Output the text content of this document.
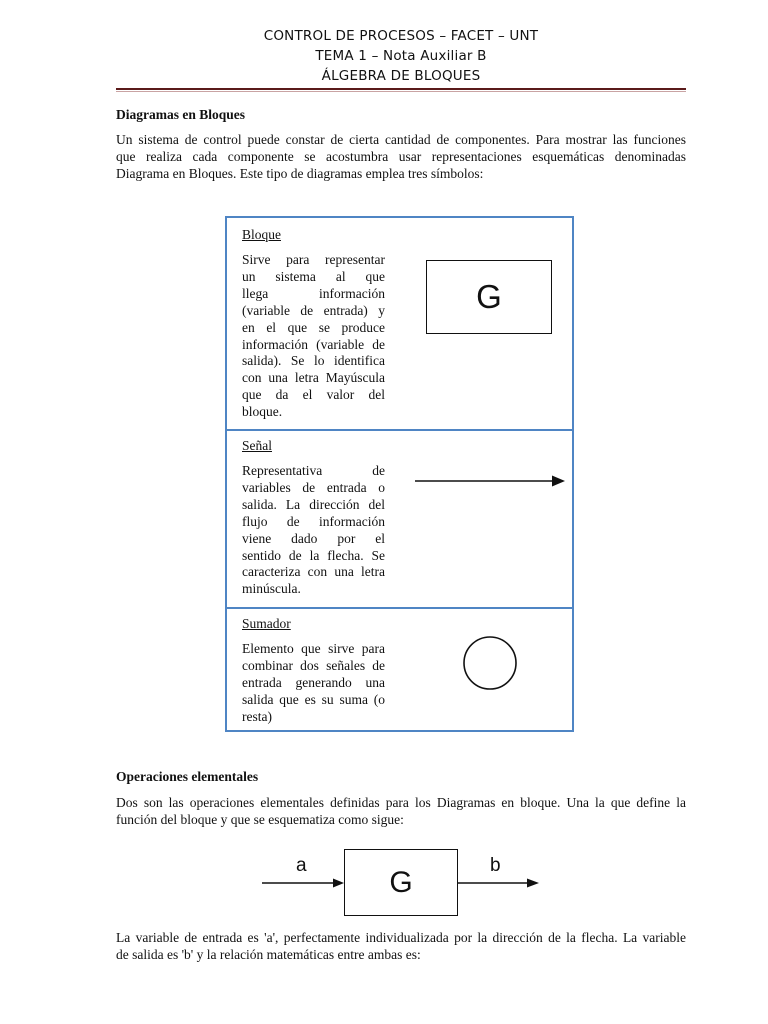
CONTROL DE PROCESOS – FACET – UNT
TEMA 1 – Nota Auxiliar B
ÁLGEBRA DE BLOQUES
Diagramas en Bloques
Un sistema de control puede constar de cierta cantidad de componentes. Para mostrar las funciones
que realiza cada componente se acostumbra usar representaciones esquemáticas denominadas
Diagrama en Bloques. Este tipo de diagramas emplea tres símbolos:
Bloque
Sirve para representar
un sistema al que
llega información
(variable de entrada) y
en el que se produce
información (variable de
salida). Se lo identifica
con una letra Mayúscula
que da el valor del
bloque.
G
Señal
Representativa de
variables de entrada o
salida. La dirección del
flujo de información
viene dado por el
sentido de la flecha. Se
caracteriza con una letra
minúscula.
Sumador
Elemento que sirve para
combinar dos señales de
entrada generando una
salida que es su suma (o
resta)
Operaciones elementales
Dos son las operaciones elementales definidas para los Diagramas en bloque. Una la que define la
función del bloque y que se esquematiza como sigue:
a	G	b
La variable de entrada es 'a', perfectamente individualizada por la dirección de la flecha. La variable
de salida es 'b' y la relación matemáticas entre ambas es:
